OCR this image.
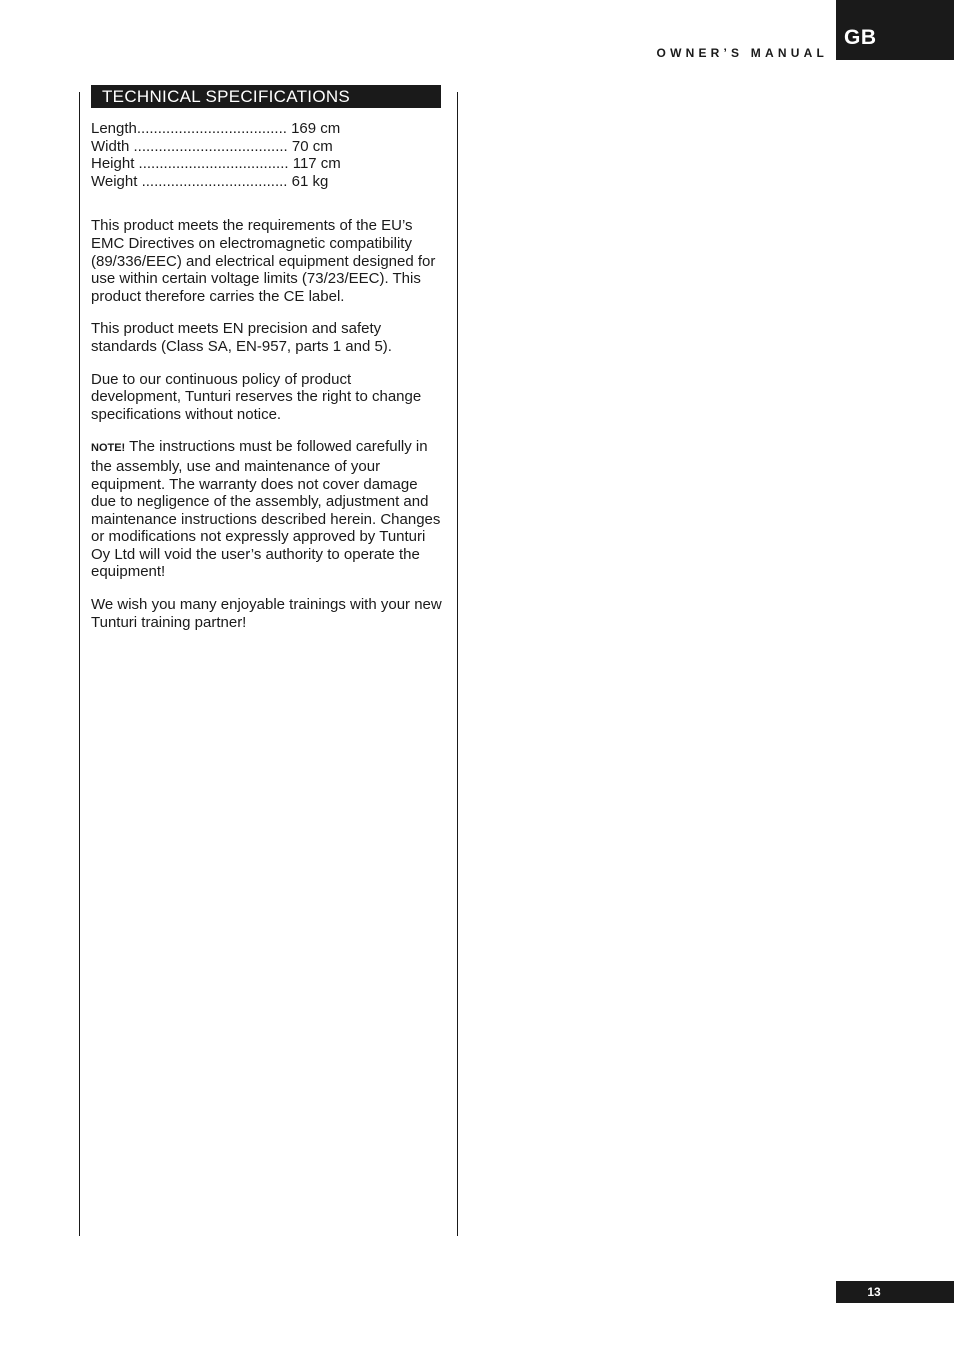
OWNER’S MANUAL
GB
TECHNICAL SPECIFICATIONS
Length.................................... 169 cm
Width ..................................... 70 cm
Height .................................... 117 cm
Weight ................................... 61 kg

This product meets the requirements of the EU’s EMC Directives on electromagnetic compatibility (89/336/EEC) and electrical equipment designed for use within certain voltage limits (73/23/EEC). This product therefore carries the CE label.

This product meets EN precision and safety standards (Class SA, EN-957, parts 1 and 5).

Due to our continuous policy of product development, Tunturi reserves the right to change specifications without notice.

NOTE! The instructions must be followed carefully in the assembly, use and maintenance of your equipment. The warranty does not cover damage due to negligence of the assembly, adjustment and maintenance instructions described herein. Changes or modifications not expressly approved by Tunturi Oy Ltd will void the user’s authority to operate the equipment!

We wish you many enjoyable trainings with your new Tunturi training partner!

13
